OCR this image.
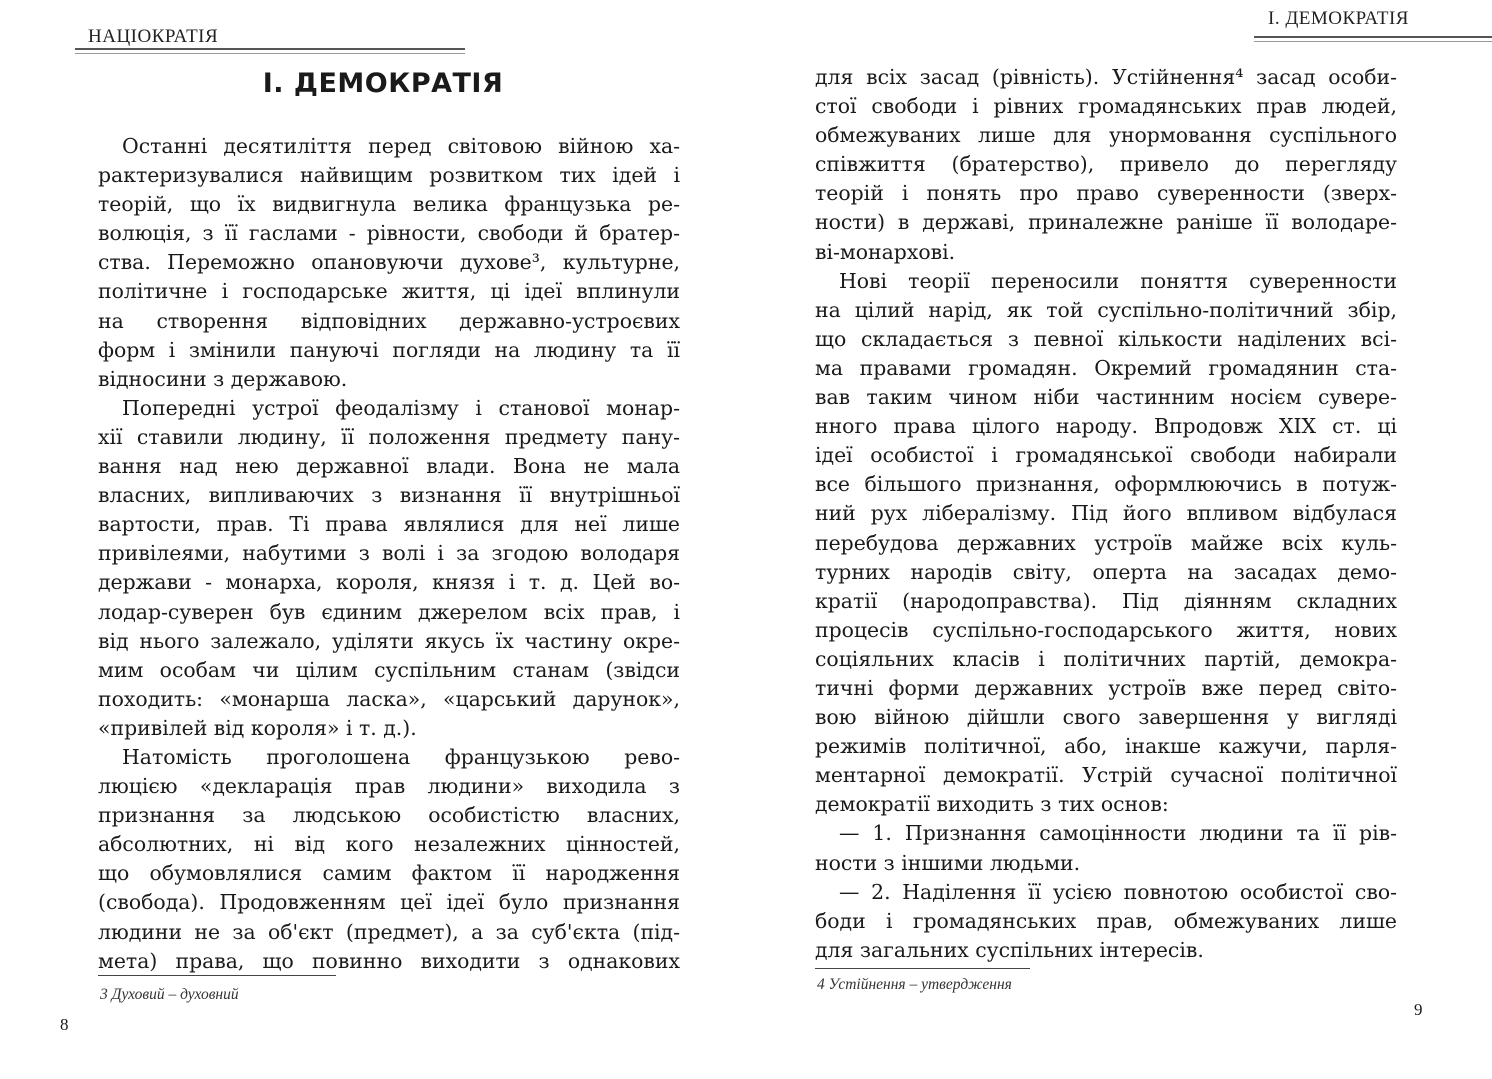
НАЦІОКРАТІЯ
І. ДЕМОКРАТІЯ
Останні десятиліття перед світовою війною ха-
рактеризувалися найвищим розвитком тих ідей і
теорій, що їх видвигнула велика французька ре-
волюція, з її гаслами - рівности, свободи й братер-
ства. Переможно опановуючи духове³, культурне,
політичне і господарське життя, ці ідеї вплинули
на створення відповідних державно-устроєвих
форм і змінили пануючі погляди на людину та її
відносини з державою.
Попередні устрої феодалізму і станової монар-
хії ставили людину, її положення предмету пану-
вання над нею державної влади. Вона не мала
власних, випливаючих з визнання її внутрішньої
вартости, прав. Ті права являлися для неї лише
привілеями, набутими з волі і за згодою володаря
держави - монарха, короля, князя і т. д. Цей во-
лодар-суверен був єдиним джерелом всіх прав, і
від нього залежало, уділяти якусь їх частину окре-
мим особам чи цілим суспільним станам (звідси
походить: «монарша ласка», «царський дарунок»,
«привілей від короля» і т. д.).
Натомість проголошена французькою рево-
люцією «декларація прав людини» виходила з
признання за людською особистістю власних,
абсолютних, ні від кого незалежних цінностей,
що обумовлялися самим фактом її народження
(свобода). Продовженням цеї ідеї було признання
людини не за об'єкт (предмет), а за суб'єкта (під-
мета) права, що повинно виходити з однакових
3 Духовий – духовний
8
І. ДЕМОКРАТІЯ
для всіх засад (рівність). Устійнення⁴ засад особи-
стої свободи і рівних громадянських прав людей,
обмежуваних лише для унормовання суспільного
співжиття (братерство), привело до перегляду
теорій і понять про право суверенности (зверх-
ности) в державі, приналежне раніше її володаре-
ві-монархові.
Нові теорії переносили поняття суверенности
на цілий нарід, як той суспільно-політичний збір,
що складається з певної кількости наділених всі-
ма правами громадян. Окремий громадянин ста-
вав таким чином ніби частинним носієм сувере-
нного права цілого народу. Впродовж XIX ст. ці
ідеї особистої і громадянської свободи набирали
все більшого признання, оформлюючись в потуж-
ний рух лібералізму. Під його впливом відбулася
перебудова державних устроїв майже всіх куль-
турних народів світу, оперта на засадах демо-
кратії (народоправства). Під діянням складних
процесів суспільно-господарського життя, нових
соціяльних класів і політичних партій, демокра-
тичні форми державних устроїв вже перед світо-
вою війною дійшли свого завершення у вигляді
режимів політичної, або, інакше кажучи, парля-
ментарної демократії. Устрій сучасної політичної
демократії виходить з тих основ:
— 1. Признання самоцінности людини та її рів-
ности з іншими людьми.
— 2. Наділення її усією повнотою особистої сво-
боди і громадянських прав, обмежуваних лише
для загальних суспільних інтересів.
4 Устійнення – утвердження
9
